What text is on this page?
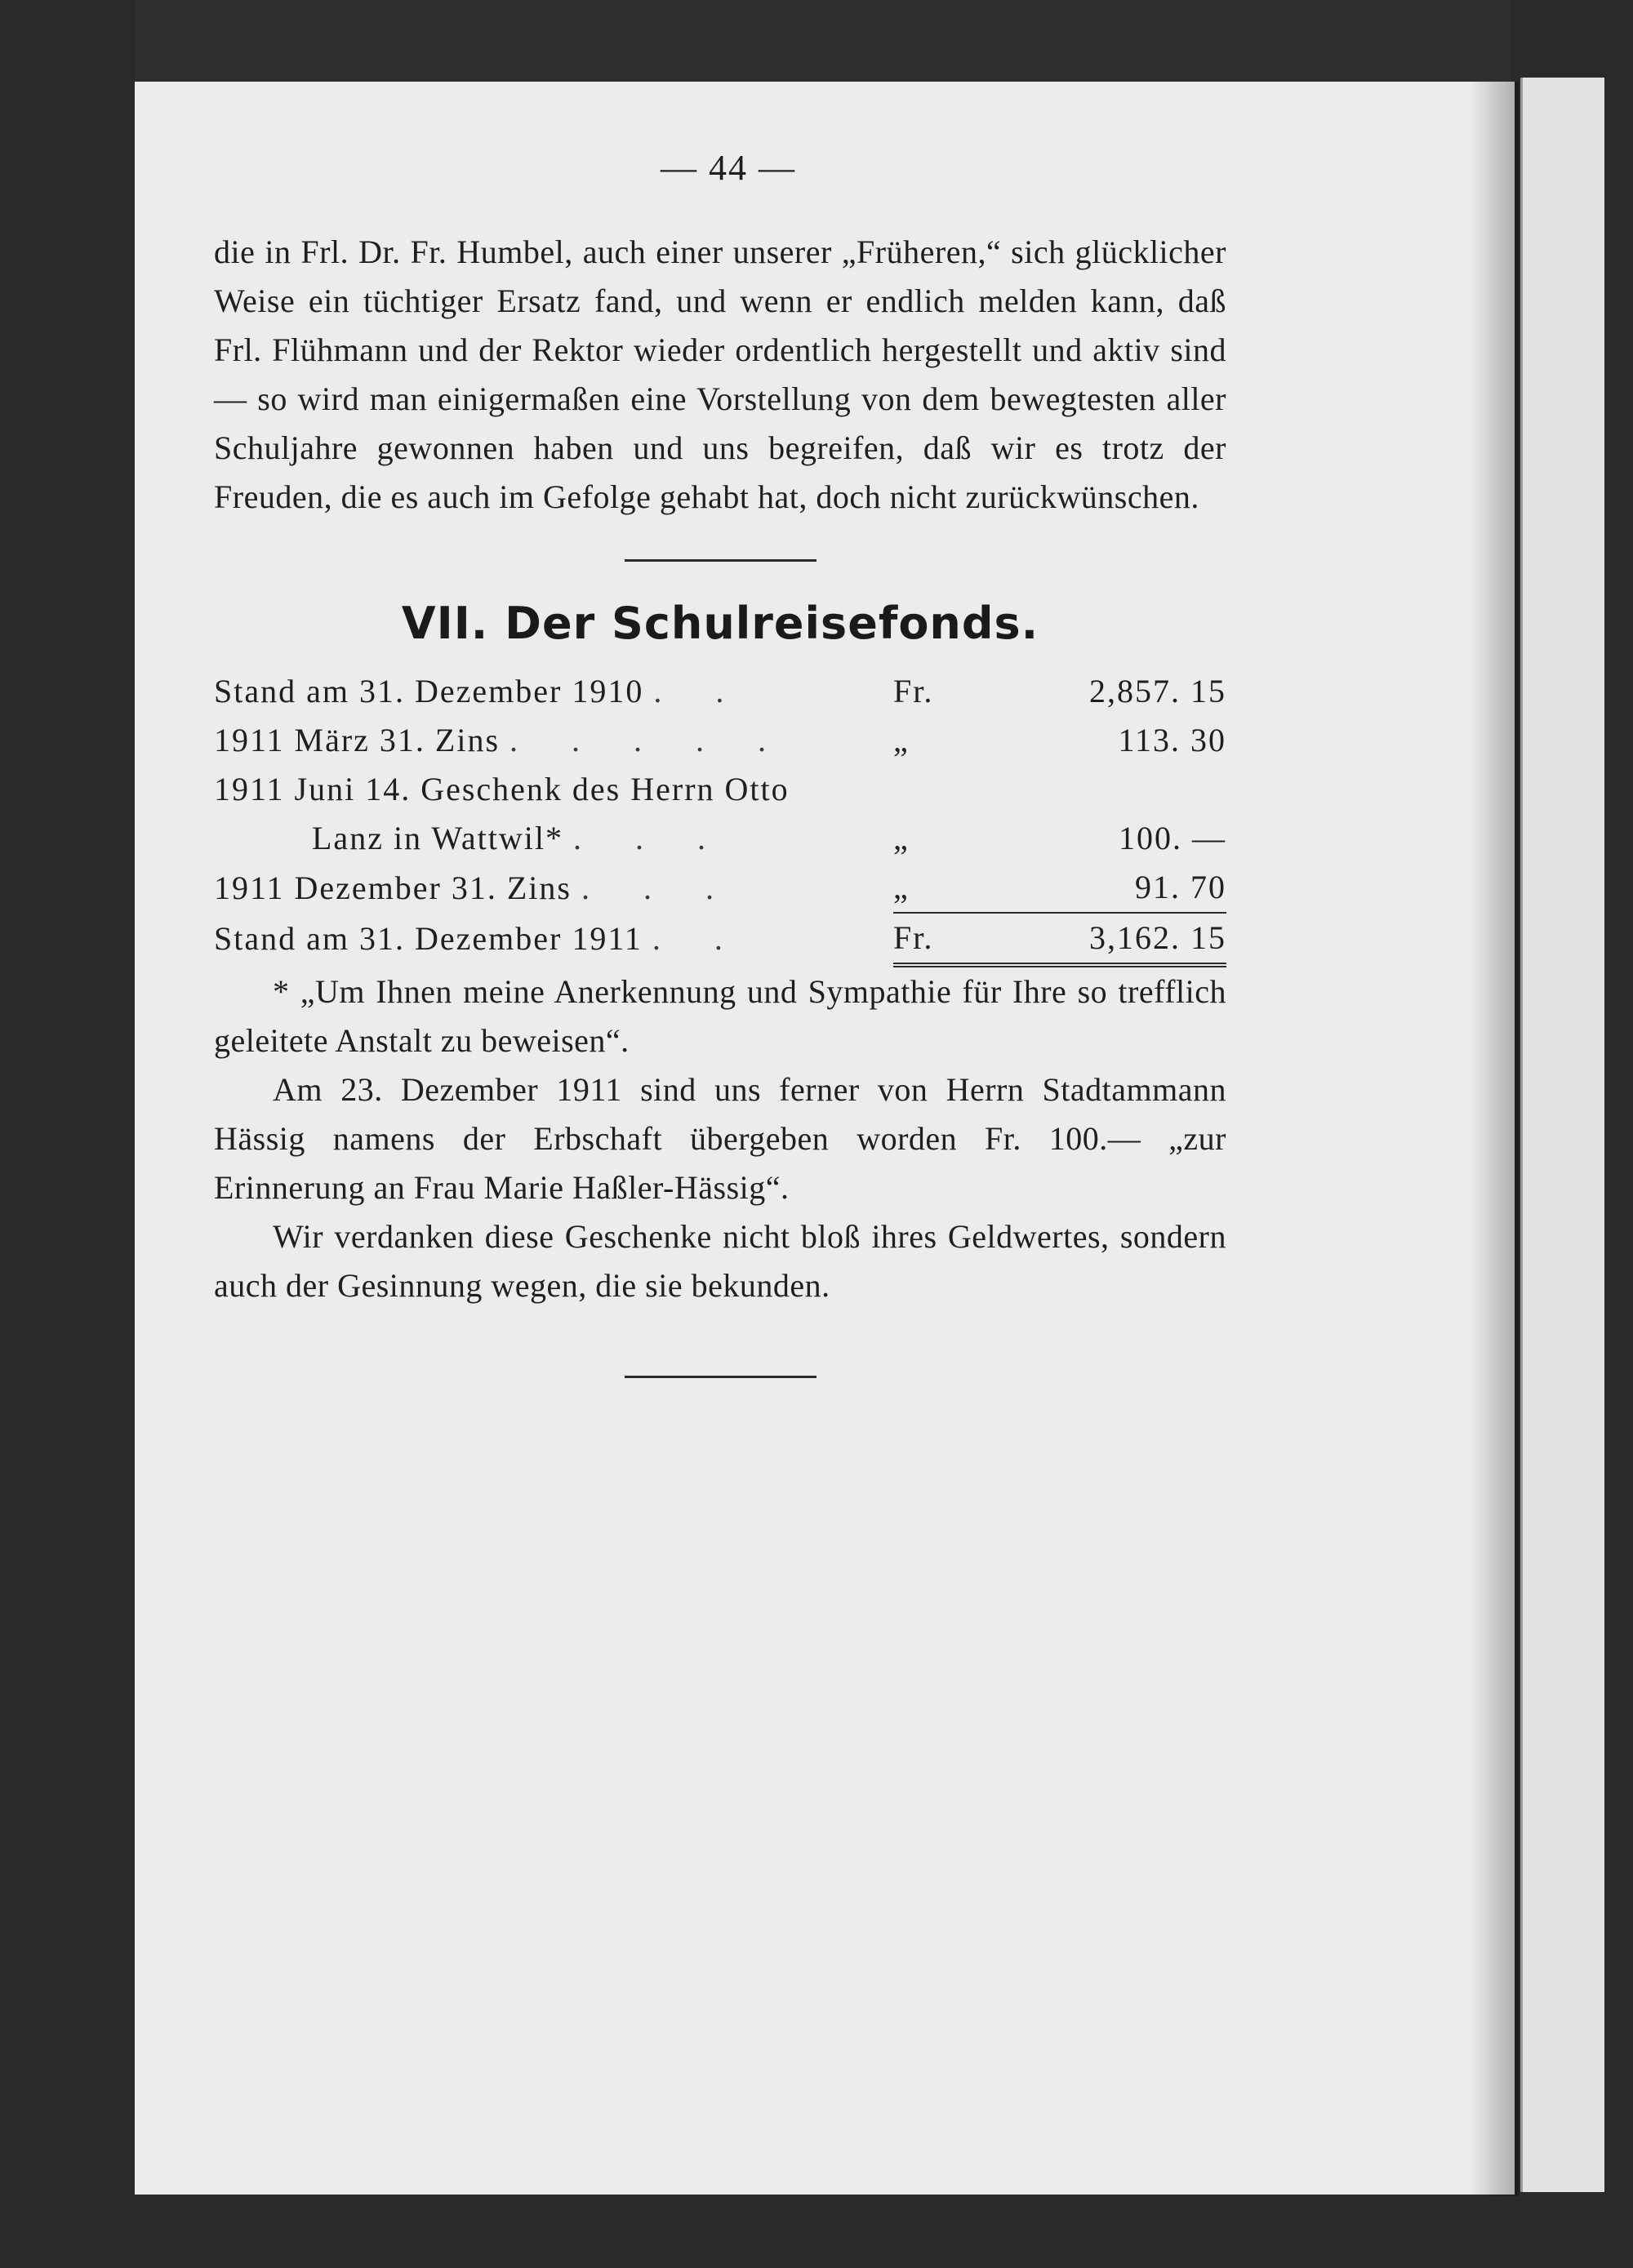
— 44 —

die in Frl. Dr. Fr. Humbel, auch einer unserer „Früheren,“ sich glücklicher Weise ein tüchtiger Ersatz fand, und wenn er endlich melden kann, daß Frl. Flühmann und der Rektor wieder ordentlich hergestellt und aktiv sind — so wird man einigermaßen eine Vorstellung von dem bewegtesten aller Schuljahre gewonnen haben und uns begreifen, daß wir es trotz der Freuden, die es auch im Gefolge gehabt hat, doch nicht zurückwünschen.

VII. Der Schulreisefonds.
Stand am 31. Dezember 1910 . .	Fr.	2,857. 15
1911 März 31. Zins . . . . .	„	113. 30
1911 Juni 14. Geschenk des Herrn Otto		
Lanz in Wattwil* . . .	„	100. —
1911 Dezember 31. Zins . . .	„	91. 70
Stand am 31. Dezember 1911 . .	Fr.	3,162. 15

* „Um Ihnen meine Anerkennung und Sympathie für Ihre so trefflich geleitete Anstalt zu beweisen“.

Am 23. Dezember 1911 sind uns ferner von Herrn Stadtammann Hässig namens der Erbschaft übergeben worden Fr. 100.— „zur Erinnerung an Frau Marie Haßler-Hässig“.

Wir verdanken diese Geschenke nicht bloß ihres Geldwertes, sondern auch der Gesinnung wegen, die sie bekunden.
